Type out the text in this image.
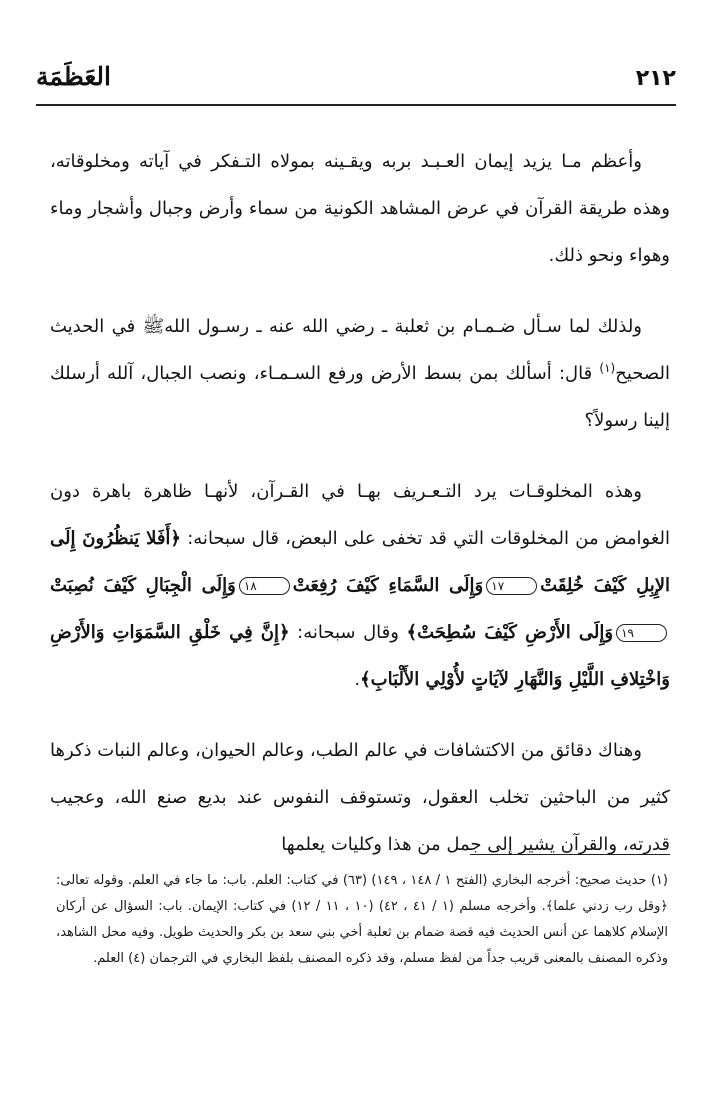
٢١٢
العَظَمَة

وأعظم مـا يزيد إيمان العـبـد بربه ويقـينه بمولاه التـفكر في آياته ومخلوقاته، وهذه طريقة القرآن في عرض المشاهد الكونية من سماء وأرض وجبال وأشجار وماء وهواء ونحو ذلك.

ولذلك لما سـأل ضـمـام بن ثعلبة ـ رضي الله عنه ـ رسـول اللهﷺ في الحديث الصحيح$^{(١)}$ قال: أسألك بمن بسط الأرض ورفع السـمـاء، ونصب الجبال، آلله أرسلك إلينا رسولاً؟

وهذه المخلوقـات يرد التـعـريف بهـا في القـرآن، لأنهـا ظاهرة باهرة دون الغوامض من المخلوقات التي قد تخفى على البعض، قال سبحانه: ﴿أَفَلا يَنظُرُونَ إِلَى الإِبِلِ كَيْفَ خُلِقَتْ١٧وَإِلَى السَّمَاءِ كَيْفَ رُفِعَتْ١٨وَإِلَى الْجِبَالِ كَيْفَ نُصِبَتْ١٩وَإِلَى الأَرْضِ كَيْفَ سُطِحَتْ﴾ وقال سبحانه: ﴿إِنَّ فِي خَلْقِ السَّمَوَاتِ وَالأَرْضِ وَاخْتِلافِ اللَّيْلِ وَالنَّهَارِ لآيَاتٍ لأُوْلِي الأَلْبَابِ﴾.

وهناك دقائق من الاكتشافات في عالم الطب، وعالم الحيوان، وعالم النبات ذكرها كثير من الباحثين تخلب العقول، وتستوقف النفوس عند بديع صنع الله، وعجيب قدرته، والقرآن يشير إلى جمل من هذا وكليات يعلمها

(١) حديث صحيح: أخرجه البخاري (الفتح ١ / ١٤٨ ، ١٤٩) (٦٣) في كتاب: العلم. باب: ما جاء في العلم. وقوله تعالى: ﴿وقل رب زدني علما﴾. وأخرجه مسلم (١ / ٤١ ، ٤٢) (١٠ ، ١١ / ١٢) في كتاب: الإيمان. باب: السؤال عن أركان الإسلام كلاهما عن أنس الحديث فيه قصة ضمام بن ثعلبة أخي بني سعد بن بكر والحديث طويل. وفيه محل الشاهد، وذكره المصنف بالمعنى قريب جداً من لفظ مسلم، وقد ذكره المصنف بلفظ البخاري في الترجمان (٤) العلم.
